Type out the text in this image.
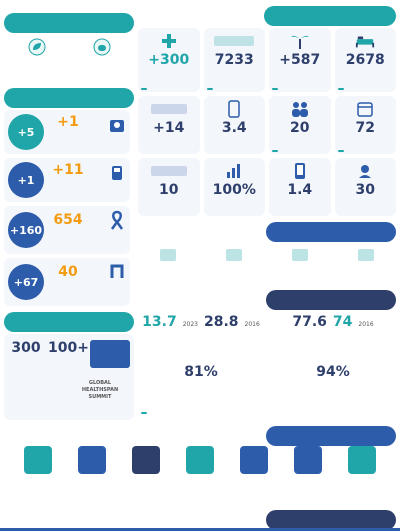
2678
587+
7233
300+
+5
+1
+1
+11
+160
654
+67
40
72
20
3.4
14+
30
1.4
100%
10
300 100+
GLOBAL HEALTHSPAN SUMMIT
77.6 74 2016
13.7 2023 28.8 2016
94%
81%
